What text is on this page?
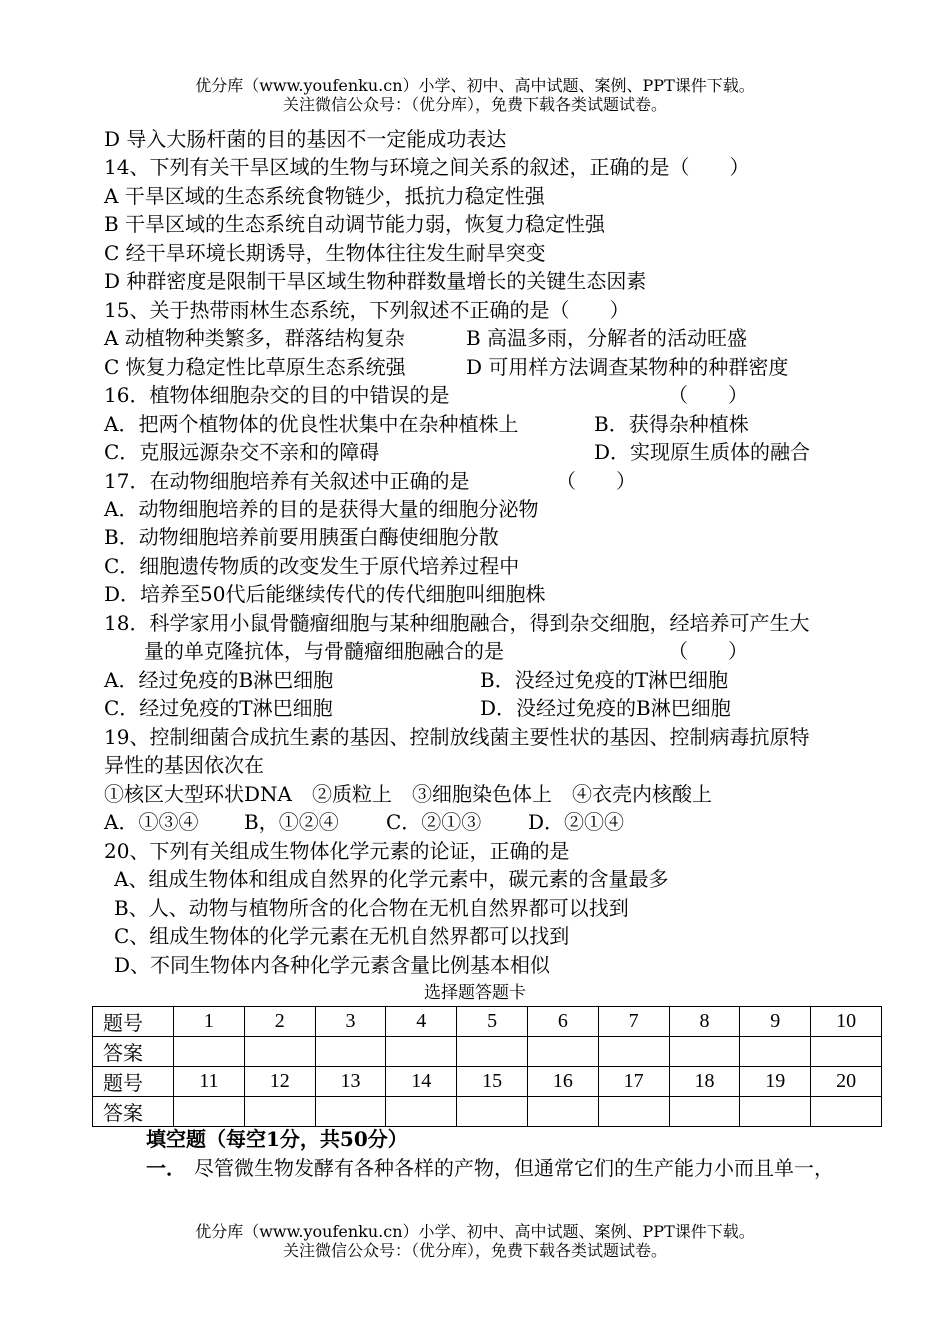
优分库（www.youfenku.cn）小学、初中、高中试题、案例、PPT课件下载。
关注微信公众号：（优分库），免费下载各类试题试卷。
D 导入大肠杆菌的目的基因不一定能成功表达
14、下列有关干旱区域的生物与环境之间关系的叙述，正确的是（　　）
A 干旱区域的生态系统食物链少，抵抗力稳定性强
B 干旱区域的生态系统自动调节能力弱，恢复力稳定性强
C 经干旱环境长期诱导，生物体往往发生耐旱突变
D 种群密度是限制干旱区域生物种群数量增长的关键生态因素
15、关于热带雨林生态系统，下列叙述不正确的是（　　）
A 动植物种类繁多，群落结构复杂	B 高温多雨，分解者的活动旺盛
C 恢复力稳定性比草原生态系统强	D 可用样方法调查某物种的种群密度
16．植物体细胞杂交的目的中错误的是	（　　）
A．把两个植物体的优良性状集中在杂种植株上	B．获得杂种植株
C．克服远源杂交不亲和的障碍	D．实现原生质体的融合
17．在动物细胞培养有关叙述中正确的是	（　　）
A．动物细胞培养的目的是获得大量的细胞分泌物
B．动物细胞培养前要用胰蛋白酶使细胞分散
C．细胞遗传物质的改变发生于原代培养过程中
D．培养至50代后能继续传代的传代细胞叫细胞株
18．科学家用小鼠骨髓瘤细胞与某种细胞融合，得到杂交细胞，经培养可产生大
量的单克隆抗体，与骨髓瘤细胞融合的是	（　　）
A．经过免疫的B淋巴细胞	B．没经过免疫的T淋巴细胞
C．经过免疫的T淋巴细胞	D．没经过免疫的B淋巴细胞
19、控制细菌合成抗生素的基因、控制放线菌主要性状的基因、控制病毒抗原特
异性的基因依次在
①核区大型环状DNA　②质粒上　③细胞染色体上　④衣壳内核酸上
A．①③④ B，①②④ C．②①③ D．②①④
20、下列有关组成生物体化学元素的论证，正确的是
A、组成生物体和组成自然界的化学元素中，碳元素的含量最多
B、人、动物与植物所含的化合物在无机自然界都可以找到
C、组成生物体的化学元素在无机自然界都可以找到
D、不同生物体内各种化学元素含量比例基本相似
选择题答题卡
题号	1	2	3	4	5	6	7	8	9	10
答案										
题号	11	12	13	14	15	16	17	18	19	20
答案										
填空题（每空1分，共50分）
一． 尽管微生物发酵有各种各样的产物，但通常它们的生产能力小而且单一，
优分库（www.youfenku.cn）小学、初中、高中试题、案例、PPT课件下载。
关注微信公众号：（优分库），免费下载各类试题试卷。
